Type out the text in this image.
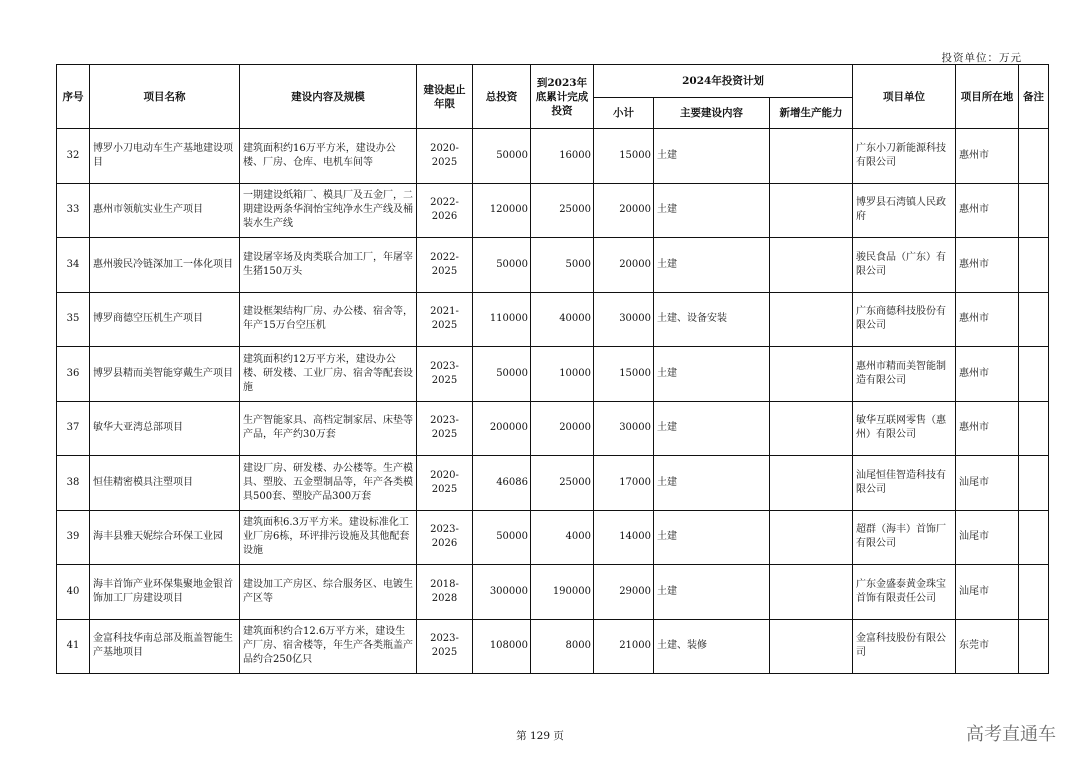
投资单位：万元
序号	项目名称	建设内容及规模	建设起止年限	总投资	到2023年底累计完成投资	2024年投资计划			项目单位	项目所在地	备注
						小计	主要建设内容	新增生产能力			
32	博罗小刀电动车生产基地建设项目	建筑面积约16万平方米，建设办公楼、厂房、仓库、电机车间等	2020-2025	50000	16000	15000	土建		广东小刀新能源科技有限公司	惠州市	
33	惠州市领航实业生产项目	一期建设纸箱厂、模具厂及五金厂，二期建设两条华润怡宝纯净水生产线及桶装水生产线	2022-2026	120000	25000	20000	土建		博罗县石湾镇人民政府	惠州市	
34	惠州骏民冷链深加工一体化项目	建设屠宰场及肉类联合加工厂，年屠宰生猪150万头	2022-2025	50000	5000	20000	土建		骏民食品（广东）有限公司	惠州市	
35	博罗商德空压机生产项目	建设框架结构厂房、办公楼、宿舍等，年产15万台空压机	2021-2025	110000	40000	30000	土建、设备安装		广东商德科技股份有限公司	惠州市	
36	博罗县精而美智能穿戴生产项目	建筑面积约12万平方米，建设办公楼、研发楼、工业厂房、宿舍等配套设施	2023-2025	50000	10000	15000	土建		惠州市精而美智能制造有限公司	惠州市	
37	敏华大亚湾总部项目	生产智能家具、高档定制家居、床垫等产品，年产约30万套	2023-2025	200000	20000	30000	土建		敏华互联网零售（惠州）有限公司	惠州市	
38	恒佳精密模具注塑项目	建设厂房、研发楼、办公楼等。生产模具、塑胶、五金塑制品等，年产各类模具500套、塑胶产品300万套	2020-2025	46086	25000	17000	土建		汕尾恒佳智造科技有限公司	汕尾市	
39	海丰县雅天妮综合环保工业园	建筑面积6.3万平方米。建设标准化工业厂房6栋，环评排污设施及其他配套设施	2023-2026	50000	4000	14000	土建		超群（海丰）首饰厂有限公司	汕尾市	
40	海丰首饰产业环保集聚地金银首饰加工厂房建设项目	建设加工产房区、综合服务区、电镀生产区等	2018-2028	300000	190000	29000	土建		广东金盛泰黄金珠宝首饰有限责任公司	汕尾市	
41	金富科技华南总部及瓶盖智能生产基地项目	建筑面积约合12.6万平方米，建设生产厂房、宿舍楼等，年生产各类瓶盖产品约合250亿只	2023-2025	108000	8000	21000	土建、装修		金富科技股份有限公司	东莞市	
第 129 页	高考直通车
